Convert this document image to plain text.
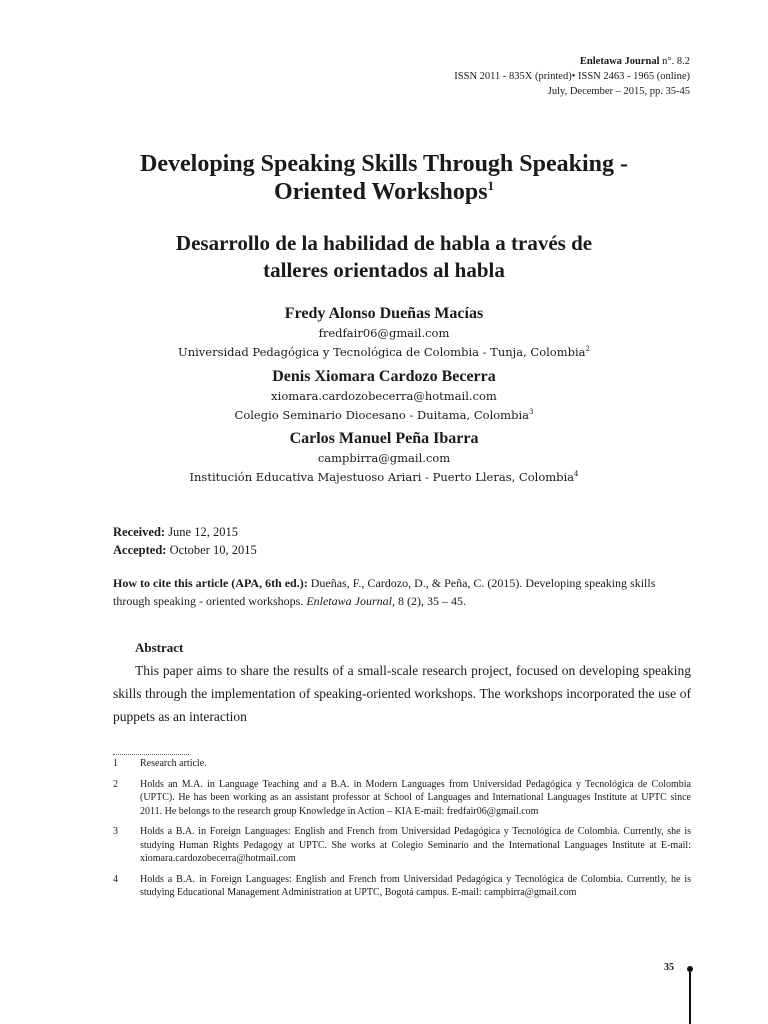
Enletawa Journal n°. 8.2
ISSN 2011 - 835X (printed)• ISSN 2463 - 1965 (online)
July, December – 2015, pp. 35-45
Developing Speaking Skills Through Speaking -
Oriented Workshops$^1$
Desarrollo de la habilidad de habla a través de
talleres orientados al habla
Fredy Alonso Dueñas Macías
fredfair06@gmail.com
Universidad Pedagógica y Tecnológica de Colombia - Tunja, Colombia$^2$
Denis Xiomara Cardozo Becerra
xiomara.cardozobecerra@hotmail.com
Colegio Seminario Diocesano - Duitama, Colombia$^3$
Carlos Manuel Peña Ibarra
campbirra@gmail.com
Institución Educativa Majestuoso Ariari - Puerto Lleras, Colombia$^4$
Received: June 12, 2015
Accepted: October 10, 2015
How to cite this article (APA, 6th ed.): Dueñas, F., Cardozo, D., & Peña, C. (2015). Developing speaking skills through speaking - oriented workshops. Enletawa Journal, 8 (2), 35 – 45.
Abstract
This paper aims to share the results of a small-scale research project, focused on developing speaking skills through the implementation of speaking-oriented workshops. The workshops incorporated the use of puppets as an interaction
1	Research article.
2	Holds an M.A. in Language Teaching and a B.A. in Modern Languages from Universidad Pedagógica y Tecnológica de Colombia (UPTC). He has been working as an assistant professor at School of Languages and International Languages Institute at UPTC since 2011. He belongs to the research group Knowledge in Action – KIA E-mail: fredfair06@gmail.com
3	Holds a B.A. in Foreign Languages: English and French from Universidad Pedagógica y Tecnológica de Colombia. Currently, she is studying Human Rights Pedagogy at UPTC. She works at Colegio Seminario and the International Languages Institute at E-mail: xiomara.cardozobecerra@hotmail.com
4	Holds a B.A. in Foreign Languages: English and French from Universidad Pedagógica y Tecnológica de Colombia. Currently, he is studying Educational Management Administration at UPTC, Bogotá campus. E-mail: campbirra@gmail.com
35
